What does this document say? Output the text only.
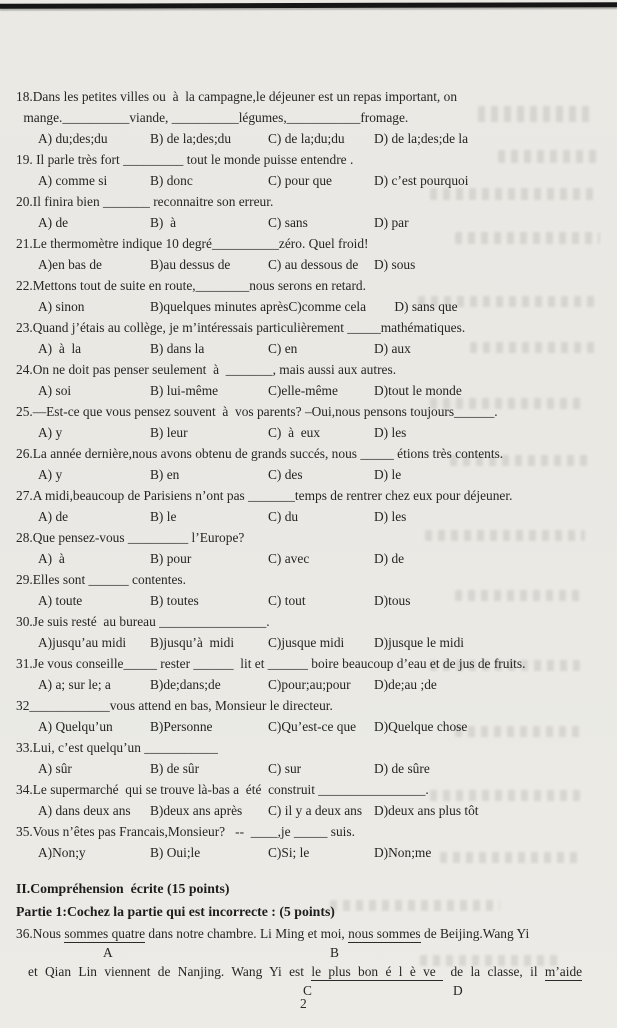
18.Dans les petites villes ou  à  la campagne,le déjeuner est un repas important, on
mange.__________viande, __________légumes,___________fromage.
A) du;des;du	B) de la;des;du	C) de la;du;du	D) de la;des;de la
19. Il parle très fort _________ tout le monde puisse entendre .
A) comme si	B) donc	C) pour que	D) c’est pourquoi
20.Il finira bien _______ reconnaitre son erreur.
A) de	B)  à	C) sans	D) par
21.Le thermomètre indique 10 degré__________zéro. Quel froid!
A)en bas de	B)au dessus de	C) au dessous de	D) sous
22.Mettons tout de suite en route,________nous serons en retard.
A) sinon	B)quelques minutes après C)comme cela	D) sans que
23.Quand j’étais au collège, je m’intéressais particulièrement _____mathématiques.
A)  à  la	B) dans la	C) en	D) aux
24.On ne doit pas penser seulement  à  _______, mais aussi aux autres.
A) soi	B) lui-même	C)elle-même	D)tout le monde
25.—Est-ce que vous pensez souvent  à  vos parents? –Oui,nous pensons toujours______.
A) y	B) leur	C)  à  eux	D) les
26.La année dernière,nous avons obtenu de grands succés, nous _____ étions très contents.
A) y	B) en	C) des	D) le
27.A midi,beaucoup de Parisiens n’ont pas _______temps de rentrer chez eux pour déjeuner.
A) de	B) le	C) du	D) les
28.Que pensez-vous _________ l’Europe?
A)  à	B) pour	C) avec	D) de
29.Elles sont ______ contentes.
A) toute	B) toutes	C) tout	D)tous
30.Je suis resté  au bureau ________________.
A)jusqu’au midi	B)jusqu’à  midi	C)jusque midi	D)jusque le midi
31.Je vous conseille_____ rester ______  lit et ______ boire beaucoup d’eau et de jus de fruits.
A) a; sur le; a	B)de;dans;de	C)pour;au;pour	D)de;au ;de
32____________vous attend en bas, Monsieur le directeur.
A) Quelqu’un	B)Personne	C)Qu’est-ce que	D)Quelque chose
33.Lui, c’est quelqu’un ___________
A) sûr	B) de sûr	C) sur	D) de sûre
34.Le supermarché  qui se trouve là-bas a  été  construit ________________.
A) dans deux ans	B)deux ans après	C) il y a deux ans D)deux ans plus tôt
35.Vous n’êtes pas Francais,Monsieur?   --  ____,je _____ suis.
A)Non;y	B) Oui;le	C)Si; le	D)Non;me
II.Compréhension  écrite (15 points)
Partie 1:Cochez la partie qui est incorrecte : (5 points)
36.Nous sommes quatre dans notre chambre. Li Ming et moi, nous sommes de Beijing.Wang Yi
A	B
et Qian Lin viennent de Nanjing. Wang Yi est le plus bon é l è ve  de la classe, il m’aide
C	D
2
